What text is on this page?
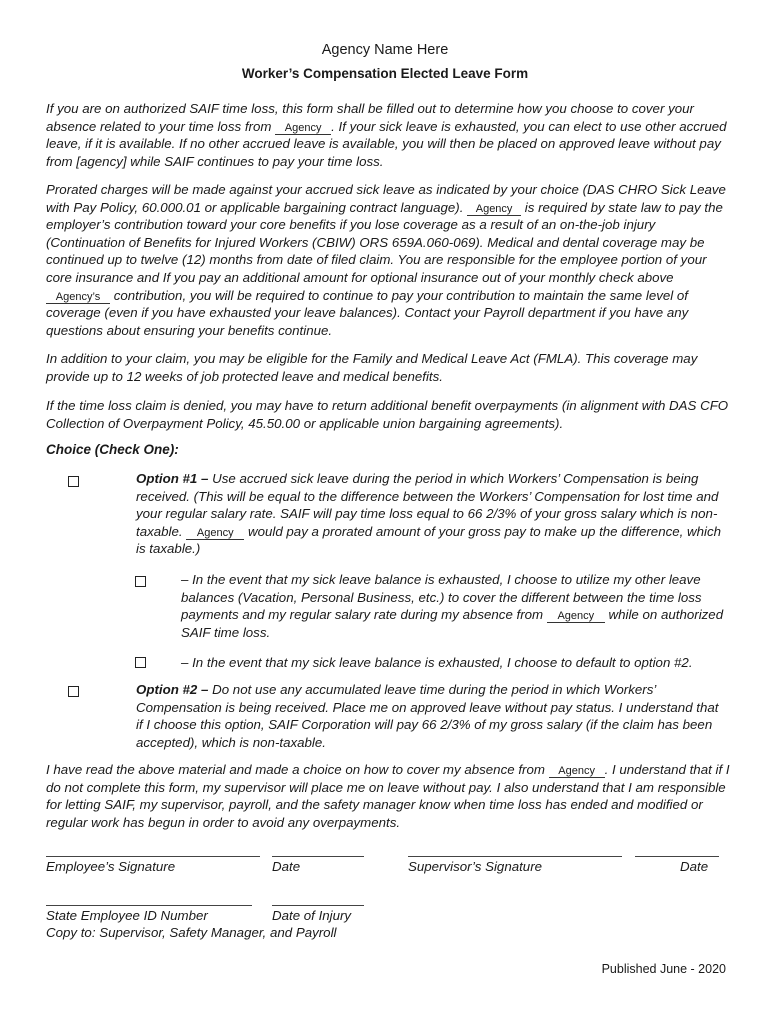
Agency Name Here
Worker’s Compensation Elected Leave Form

If you are on authorized SAIF time loss, this form shall be filled out to determine how you choose to cover your absence related to your time loss from Agency . If your sick leave is exhausted, you can elect to use other accrued leave, if it is available. If no other accrued leave is available, you will then be placed on approved leave without pay from [agency] while SAIF continues to pay your time loss.

Prorated charges will be made against your accrued sick leave as indicated by your choice (DAS CHRO Sick Leave with Pay Policy, 60.000.01 or applicable bargaining contract language). Agency is required by state law to pay the employer’s contribution toward your core benefits if you lose coverage as a result of an on-the-job injury (Continuation of Benefits for Injured Workers (CBIW) ORS 659A.060-069). Medical and dental coverage may be continued up to twelve (12) months from date of filed claim. You are responsible for the employee portion of your core insurance and If you pay an additional amount for optional insurance out of your monthly check above Agency’s contribution, you will be required to continue to pay your contribution to maintain the same level of coverage (even if you have exhausted your leave balances). Contact your Payroll department if you have any questions about ensuring your benefits continue.

In addition to your claim, you may be eligible for the Family and Medical Leave Act (FMLA). This coverage may provide up to 12 weeks of job protected leave and medical benefits.

If the time loss claim is denied, you may have to return additional benefit overpayments (in alignment with DAS CFO Collection of Overpayment Policy, 45.50.00 or applicable union bargaining agreements).

Choice (Check One):

Option #1 – Use accrued sick leave during the period in which Workers’ Compensation is being received. (This will be equal to the difference between the Workers’ Compensation for lost time and your regular salary rate. SAIF will pay time loss equal to 66 2/3% of your gross salary which is non-taxable. Agency would pay a prorated amount of your gross pay to make up the difference, which is taxable.)

– In the event that my sick leave balance is exhausted, I choose to utilize my other leave balances (Vacation, Personal Business, etc.) to cover the different between the time loss payments and my regular salary rate during my absence from Agency while on authorized SAIF time loss.

– In the event that my sick leave balance is exhausted, I choose to default to option #2.

Option #2 – Do not use any accumulated leave time during the period in which Workers’ Compensation is being received. Place me on approved leave without pay status. I understand that if I choose this option, SAIF Corporation will pay 66 2/3% of my gross salary (if the claim has been accepted), which is non-taxable.

I have read the above material and made a choice on how to cover my absence from Agency . I understand that if I do not complete this form, my supervisor will place me on leave without pay. I also understand that I am responsible for letting SAIF, my supervisor, payroll, and the safety manager know when time loss has ended and modified or regular work has begun in order to avoid any overpayments.

Employee’s Signature	Date	Supervisor’s Signature	Date
State Employee ID Number	Date of Injury
Copy to: Supervisor, Safety Manager, and Payroll
Published June - 2020
